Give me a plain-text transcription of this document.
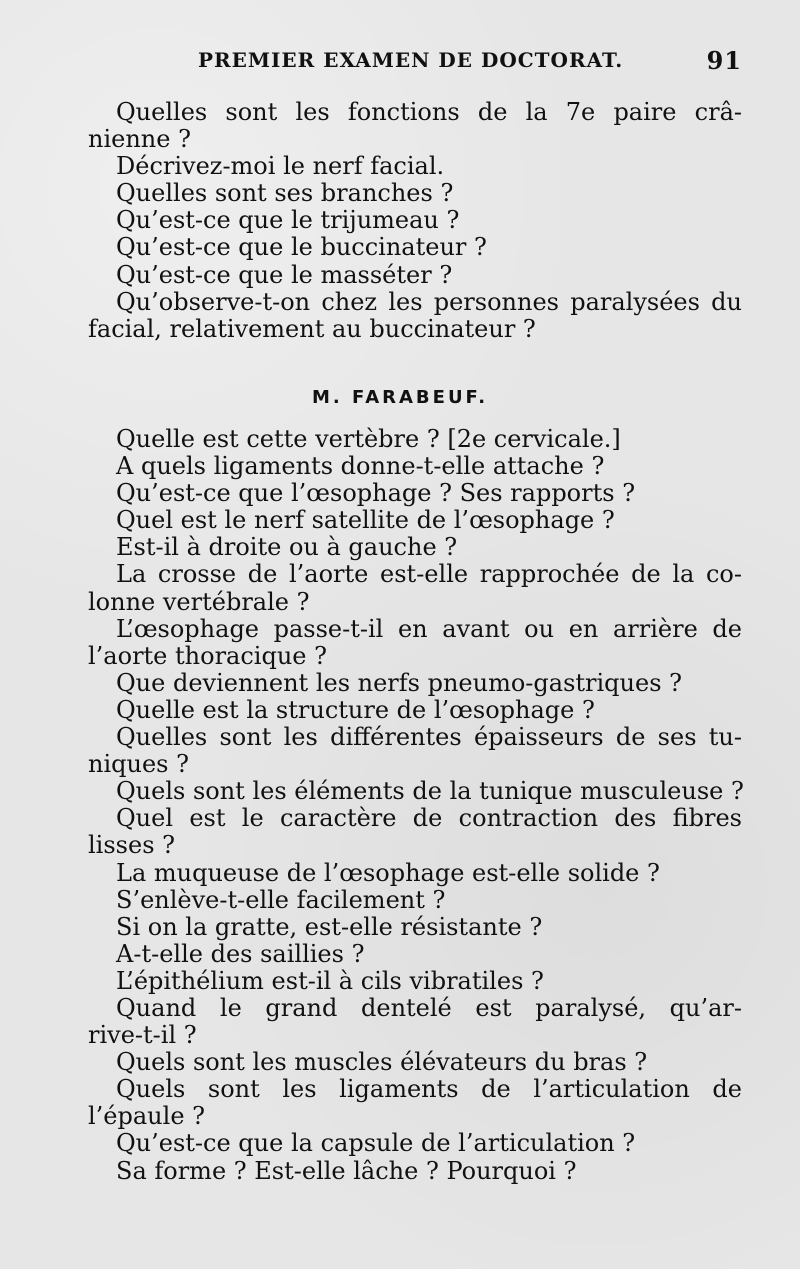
PREMIER EXAMEN DE DOCTORAT.	91
Quelles sont les fonctions de la 7e paire crâ-
nienne ?
Décrivez-moi le nerf facial.
Quelles sont ses branches ?
Qu’est-ce que le trijumeau ?
Qu’est-ce que le buccinateur ?
Qu’est-ce que le masséter ?
Qu’observe-t-on chez les personnes paralysées du
facial, relativement au buccinateur ?
M. FARABEUF.
Quelle est cette vertèbre ? [2e cervicale.]
A quels ligaments donne-t-elle attache ?
Qu’est-ce que l’œsophage ? Ses rapports ?
Quel est le nerf satellite de l’œsophage ?
Est-il à droite ou à gauche ?
La crosse de l’aorte est-elle rapprochée de la co-
lonne vertébrale ?
L’œsophage passe-t-il en avant ou en arrière de
l’aorte thoracique ?
Que deviennent les nerfs pneumo-gastriques ?
Quelle est la structure de l’œsophage ?
Quelles sont les différentes épaisseurs de ses tu-
niques ?
Quels sont les éléments de la tunique musculeuse ?
Quel est le caractère de contraction des fibres
lisses ?
La muqueuse de l’œsophage est-elle solide ?
S’enlève-t-elle facilement ?
Si on la gratte, est-elle résistante ?
A-t-elle des saillies ?
L’épithélium est-il à cils vibratiles ?
Quand le grand dentelé est paralysé, qu’ar-
rive-t-il ?
Quels sont les muscles élévateurs du bras ?
Quels sont les ligaments de l’articulation de
l’épaule ?
Qu’est-ce que la capsule de l’articulation ?
Sa forme ? Est-elle lâche ? Pourquoi ?
